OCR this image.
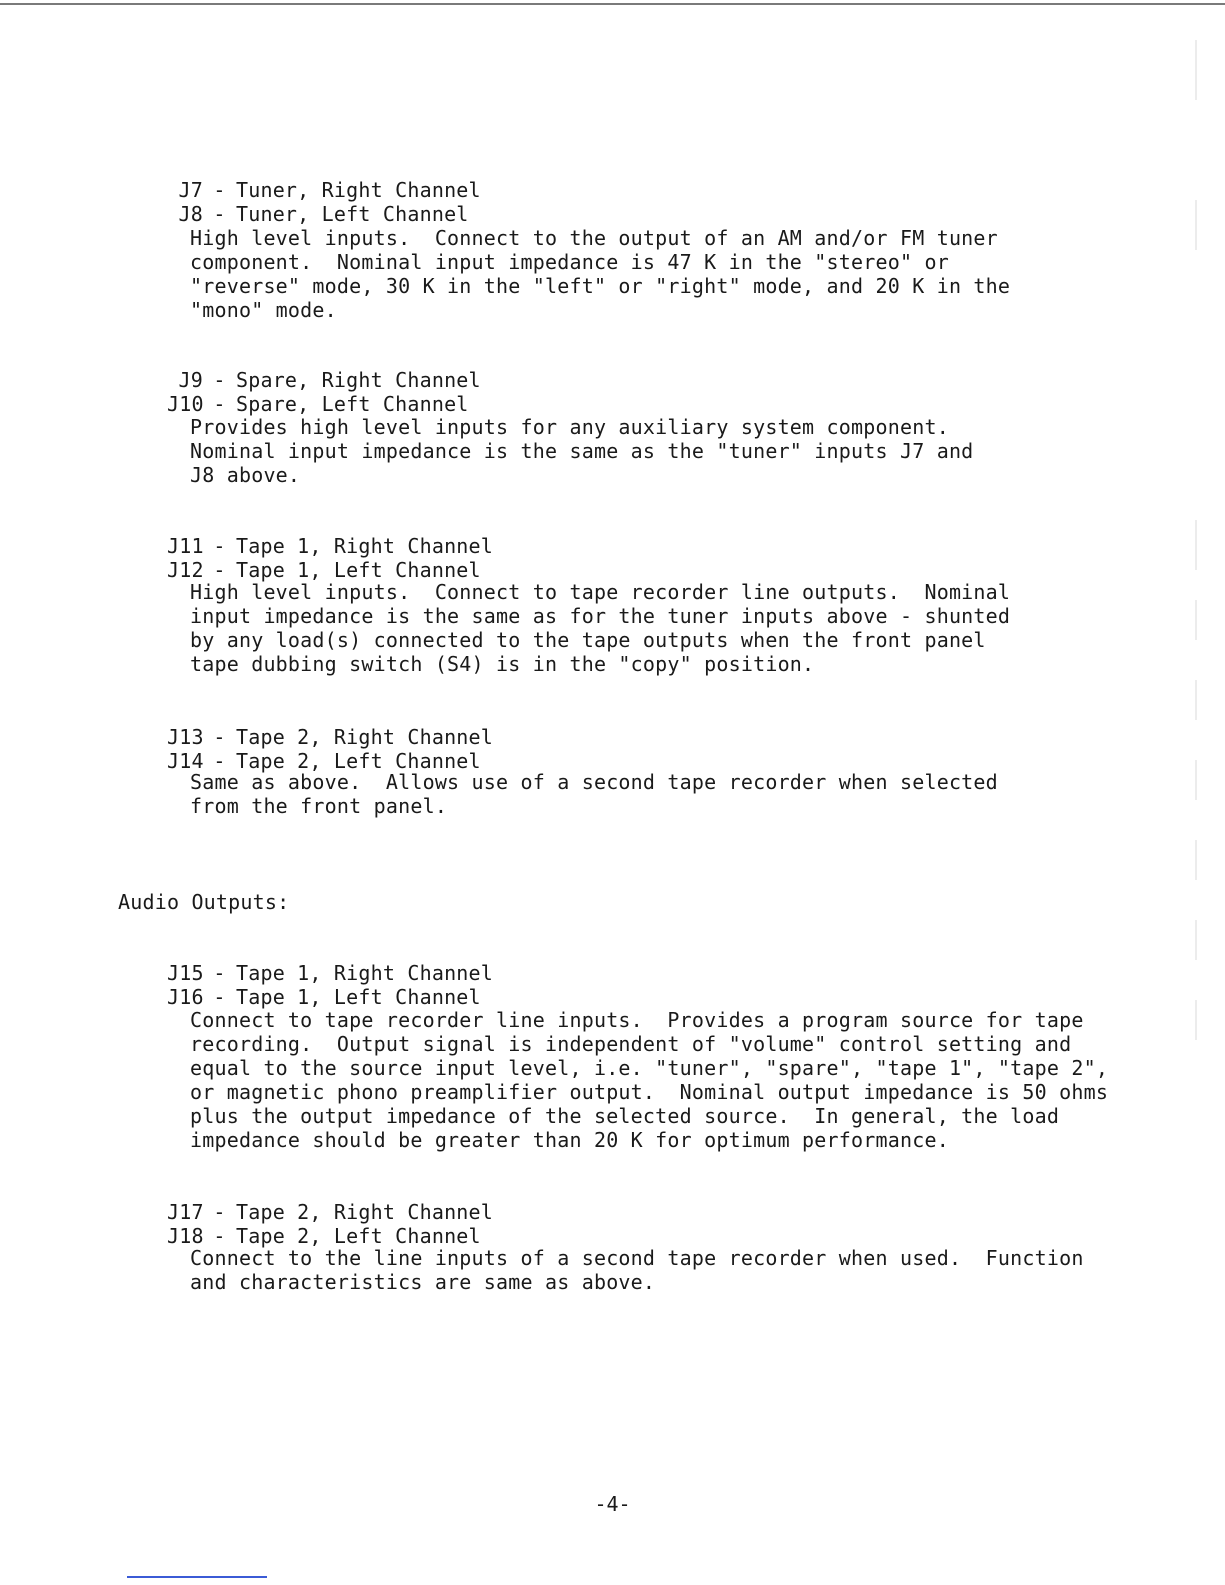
J7 - Tuner, Right Channel

J8 - Tuner, Left Channel

High level inputs.  Connect to the output of an AM and/or FM tuner
component.  Nominal input impedance is 47 K in the "stereo" or
"reverse" mode, 30 K in the "left" or "right" mode, and 20 K in the
"mono" mode.

J9 - Spare, Right Channel

J10 - Spare, Left Channel

Provides high level inputs for any auxiliary system component.
Nominal input impedance is the same as the "tuner" inputs J7 and
J8 above.

J11 - Tape 1, Right Channel

J12 - Tape 1, Left Channel

High level inputs.  Connect to tape recorder line outputs.  Nominal
input impedance is the same as for the tuner inputs above - shunted
by any load(s) connected to the tape outputs when the front panel
tape dubbing switch (S4) is in the "copy" position.

J13 - Tape 2, Right Channel

J14 - Tape 2, Left Channel

Same as above.  Allows use of a second tape recorder when selected
from the front panel.
Audio Outputs:

J15 - Tape 1, Right Channel

J16 - Tape 1, Left Channel

Connect to tape recorder line inputs.  Provides a program source for tape
recording.  Output signal is independent of "volume" control setting and
equal to the source input level, i.e. "tuner", "spare", "tape 1", "tape 2",
or magnetic phono preamplifier output.  Nominal output impedance is 50 ohms
plus the output impedance of the selected source.  In general, the load
impedance should be greater than 20 K for optimum performance.

J17 - Tape 2, Right Channel

J18 - Tape 2, Left Channel

Connect to the line inputs of a second tape recorder when used.  Function
and characteristics are same as above.
-4-
